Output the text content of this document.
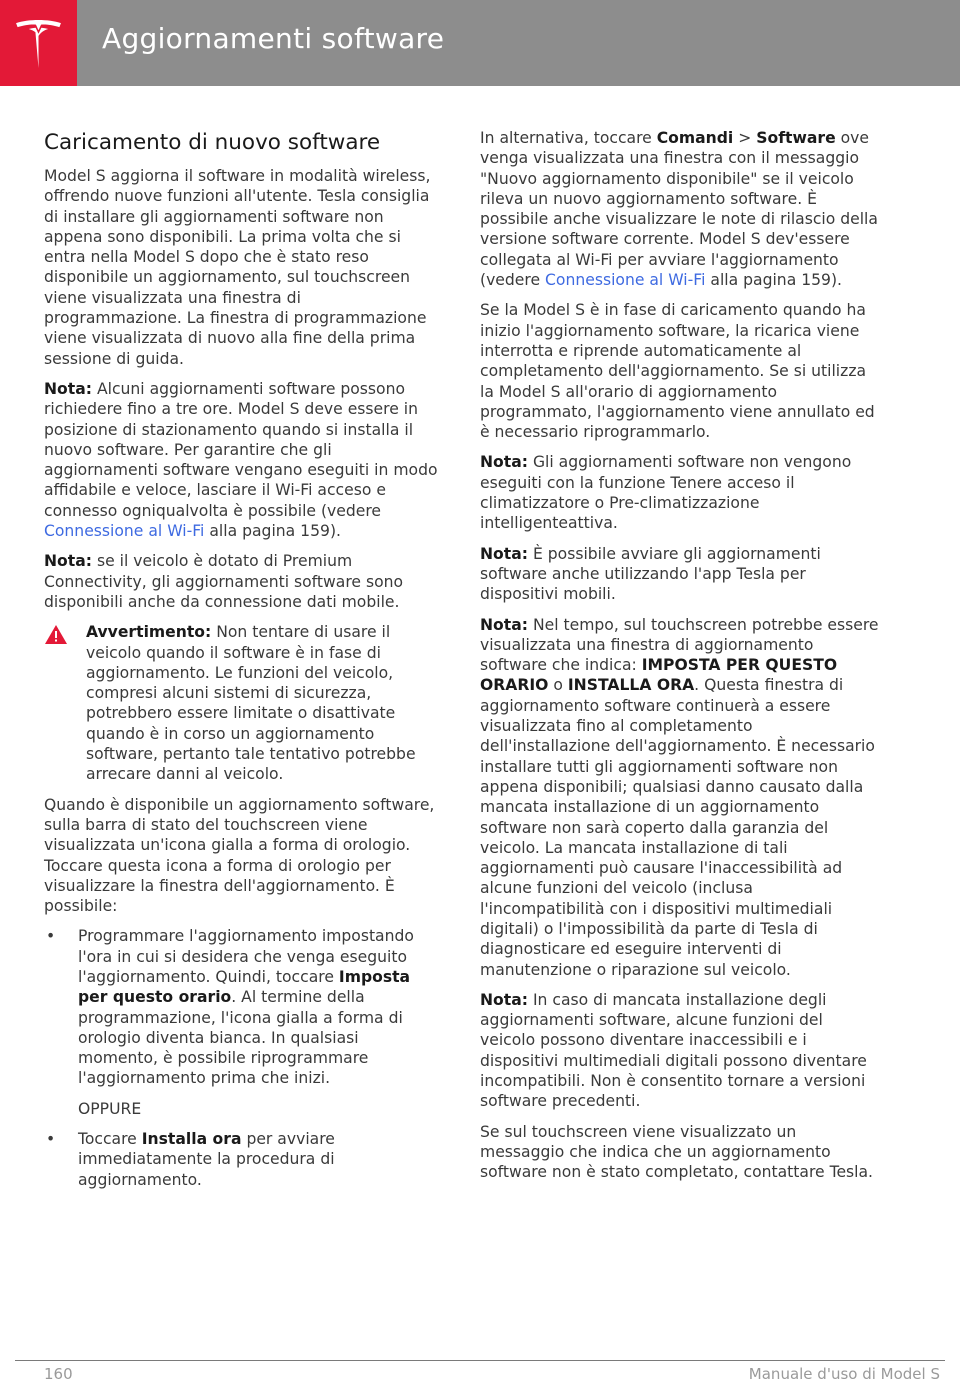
Aggiornamenti software
Caricamento di nuovo software

Model S aggiorna il software in modalità wireless, offrendo nuove funzioni all'utente. Tesla consiglia di installare gli aggiornamenti software non appena sono disponibili. La prima volta che si entra nella Model S dopo che è stato reso disponibile un aggiornamento, sul touchscreen viene visualizzata una finestra di programmazione. La finestra di programmazione viene visualizzata di nuovo alla fine della prima sessione di guida.

Nota: Alcuni aggiornamenti software possono richiedere fino a tre ore. Model S deve essere in posizione di stazionamento quando si installa il nuovo software. Per garantire che gli aggiornamenti software vengano eseguiti in modo affidabile e veloce, lasciare il Wi-Fi acceso e connesso ogniqualvolta è possibile (vedere Connessione al Wi-Fi alla pagina 159).

Nota: se il veicolo è dotato di Premium Connectivity, gli aggiornamenti software sono disponibili anche da connessione dati mobile.

Avvertimento: Non tentare di usare il veicolo quando il software è in fase di aggiornamento. Le funzioni del veicolo, compresi alcuni sistemi di sicurezza, potrebbero essere limitate o disattivate quando è in corso un aggiornamento software, pertanto tale tentativo potrebbe arrecare danni al veicolo.

Quando è disponibile un aggiornamento software, sulla barra di stato del touchscreen viene visualizzata un'icona gialla a forma di orologio. Toccare questa icona a forma di orologio per visualizzare la finestra dell'aggiornamento. È possibile:

• Programmare l'aggiornamento impostando l'ora in cui si desidera che venga eseguito l'aggiornamento. Quindi, toccare Imposta per questo orario. Al termine della programmazione, l'icona gialla a forma di orologio diventa bianca. In qualsiasi momento, è possibile riprogrammare l'aggiornamento prima che inizi.
OPPURE
• Toccare Installa ora per avviare immediatamente la procedura di aggiornamento.

In alternativa, toccare Comandi > Software ove venga visualizzata una finestra con il messaggio "Nuovo aggiornamento disponibile" se il veicolo rileva un nuovo aggiornamento software. È possibile anche visualizzare le note di rilascio della versione software corrente. Model S dev'essere collegata al Wi-Fi per avviare l'aggiornamento (vedere Connessione al Wi-Fi alla pagina 159).

Se la Model S è in fase di caricamento quando ha inizio l'aggiornamento software, la ricarica viene interrotta e riprende automaticamente al completamento dell'aggiornamento. Se si utilizza la Model S all'orario di aggiornamento programmato, l'aggiornamento viene annullato ed è necessario riprogrammarlo.

Nota: Gli aggiornamenti software non vengono eseguiti con la funzione Tenere acceso il climatizzatore o Pre-climatizzazione intelligenteattiva.

Nota: È possibile avviare gli aggiornamenti software anche utilizzando l'app Tesla per dispositivi mobili.

Nota: Nel tempo, sul touchscreen potrebbe essere visualizzata una finestra di aggiornamento software che indica: IMPOSTA PER QUESTO ORARIO o INSTALLA ORA. Questa finestra di aggiornamento software continuerà a essere visualizzata fino al completamento dell'installazione dell'aggiornamento. È necessario installare tutti gli aggiornamenti software non appena disponibili; qualsiasi danno causato dalla mancata installazione di un aggiornamento software non sarà coperto dalla garanzia del veicolo. La mancata installazione di tali aggiornamenti può causare l'inaccessibilità ad alcune funzioni del veicolo (inclusa l'incompatibilità con i dispositivi multimediali digitali) o l'impossibilità da parte di Tesla di diagnosticare ed eseguire interventi di manutenzione o riparazione sul veicolo.

Nota: In caso di mancata installazione degli aggiornamenti software, alcune funzioni del veicolo possono diventare inaccessibili e i dispositivi multimediali digitali possono diventare incompatibili. Non è consentito tornare a versioni software precedenti.

Se sul touchscreen viene visualizzato un messaggio che indica che un aggiornamento software non è stato completato, contattare Tesla.

160	Manuale d'uso di Model S
